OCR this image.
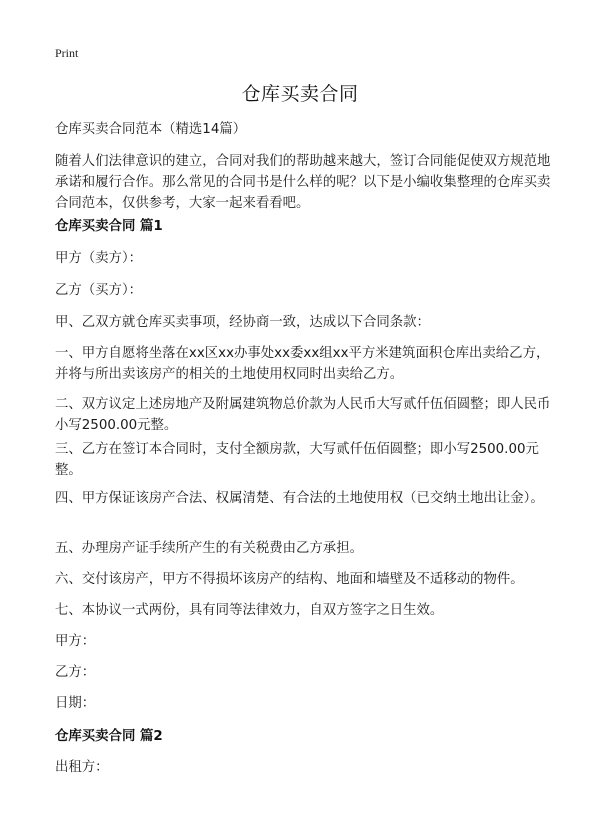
Print
仓库买卖合同
仓库买卖合同范本（精选14篇）
随着人们法律意识的建立，合同对我们的帮助越来越大，签订合同能促使双方规范地承诺和履行合作。那么常见的合同书是什么样的呢？以下是小编收集整理的仓库买卖合同范本，仅供参考，大家一起来看看吧。
仓库买卖合同 篇1
甲方（卖方）：
乙方（买方）：
甲、乙双方就仓库买卖事项，经协商一致，达成以下合同条款：
一、甲方自愿将坐落在xx区xx办事处xx委xx组xx平方米建筑面积仓库出卖给乙方，并将与所出卖该房产的相关的土地使用权同时出卖给乙方。
二、双方议定上述房地产及附属建筑物总价款为人民币大写贰仟伍佰圆整；即人民币小写2500.00元整。
三、乙方在签订本合同时，支付全额房款，大写贰仟伍佰圆整；即小写2500.00元整。
四、甲方保证该房产合法、权属清楚、有合法的土地使用权（已交纳土地出让金）。
五、办理房产证手续所产生的有关税费由乙方承担。
六、交付该房产，甲方不得损坏该房产的结构、地面和墙壁及不适移动的物件。
七、本协议一式两份，具有同等法律效力，自双方签字之日生效。
甲方：
乙方：
日期：
仓库买卖合同 篇2
出租方：
